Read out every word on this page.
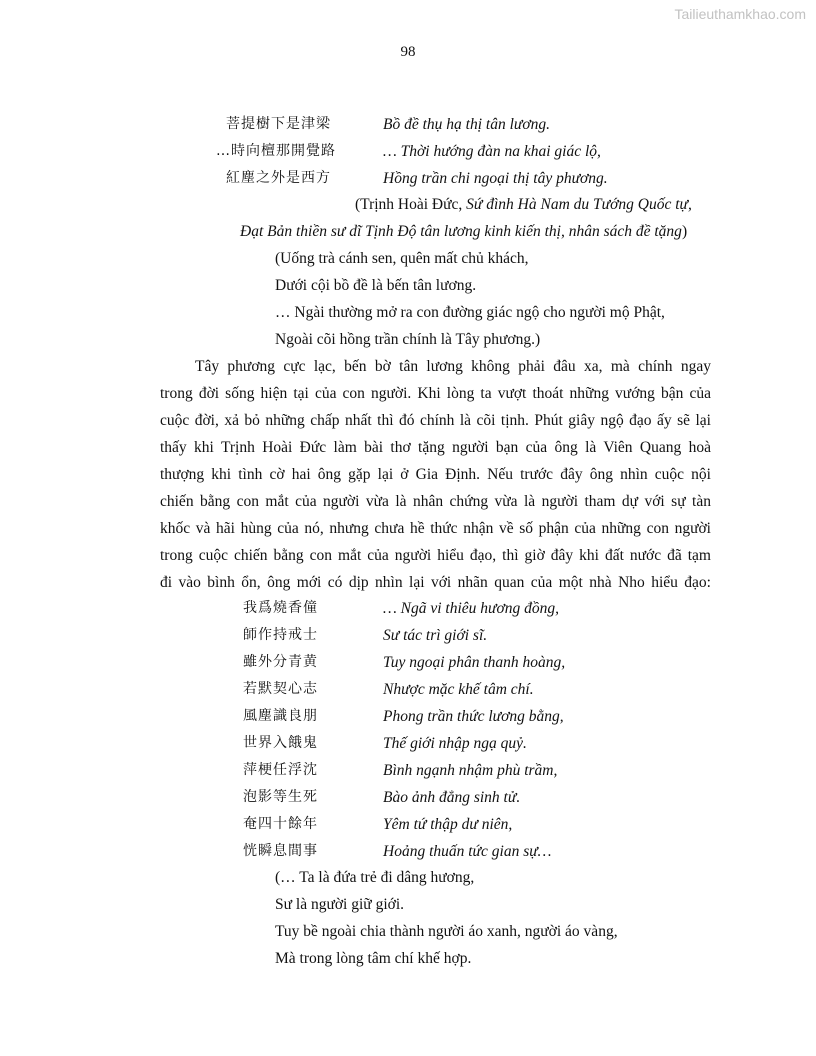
Tailieuthamkhao.com
98
菩提樹下是津梁	Bồ đề thụ hạ thị tân lương.
…時向檀那開覺路	… Thời hướng đàn na khai giác lộ,
紅塵之外是西方	Hồng trần chi ngoại thị tây phương.
(Trịnh Hoài Đức, Sứ đình Hà Nam du Tướng Quốc tự,
Đạt Bản thiền sư dĩ Tịnh Độ tân lương kinh kiến thị, nhân sách đề tặng)
(Uống trà cánh sen, quên mất chủ khách,
Dưới cội bồ đề là bến tân lương.
… Ngài thường mở ra con đường giác ngộ cho người mộ Phật,
Ngoài cõi hồng trần chính là Tây phương.)
Tây phương cực lạc, bến bờ tân lương không phải đâu xa, mà chính ngay
trong đời sống hiện tại của con người. Khi lòng ta vượt thoát những vướng bận của
cuộc đời, xả bỏ những chấp nhất thì đó chính là cõi tịnh. Phút giây ngộ đạo ấy sẽ lại
thấy khi Trịnh Hoài Đức làm bài thơ tặng người bạn của ông là Viên Quang hoà
thượng khi tình cờ hai ông gặp lại ở Gia Định. Nếu trước đây ông nhìn cuộc nội
chiến bằng con mắt của người vừa là nhân chứng vừa là người tham dự với sự tàn
khốc và hãi hùng của nó, nhưng chưa hề thức nhận về số phận của những con người
trong cuộc chiến bằng con mắt của người hiểu đạo, thì giờ đây khi đất nước đã tạm
đi vào bình ổn, ông mới có dịp nhìn lại với nhãn quan của một nhà Nho hiểu đạo:
我爲燒香僮	… Ngã vi thiêu hương đồng,
師作持戒士	Sư tác trì giới sĩ.
雖外分青黄	Tuy ngoại phân thanh hoàng,
若默契心志	Nhược mặc khế tâm chí.
風塵識良朋	Phong trần thức lương bằng,
世界入餓鬼	Thế giới nhập ngạ quỷ.
萍梗任浮沈	Bình ngạnh nhậm phù trầm,
泡影等生死	Bào ảnh đẳng sinh tử.
奄四十餘年	Yêm tứ thập dư niên,
恍瞬息間事	Hoảng thuấn tức gian sự…
(… Ta là đứa trẻ đi dâng hương,
Sư là người giữ giới.
Tuy bề ngoài chia thành người áo xanh, người áo vàng,
Mà trong lòng tâm chí khế hợp.
